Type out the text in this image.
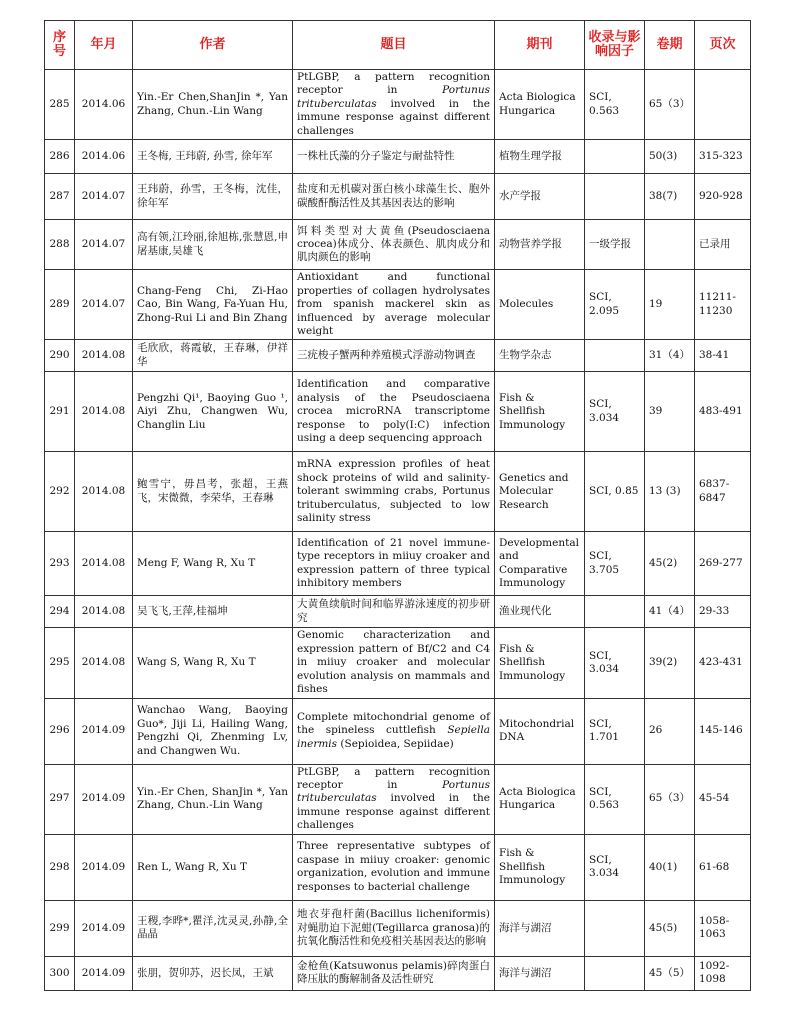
序号	年月	作者	题目	期刊	收录与影响因子	卷期	页次
285	2014.06	Yin.-Er Chen,ShanJin *, Yan Zhang, Chun.-Lin Wang	PtLGBP, a pattern recognition receptor in Portunus trituberculatas involved in the immune response against different challenges	Acta Biologica Hungarica	SCI, 0.563	65（3）	
286	2014.06	王冬梅, 王玮蔚, 孙雪, 徐年军	一株杜氏藻的分子鉴定与耐盐特性	植物生理学报		50(3)	315-323
287	2014.07	王玮蔚，孙雪，王冬梅，沈佳，徐年军	盐度和无机碳对蛋白核小球藻生长、胞外碳酸酐酶活性及其基因表达的影响	水产学报		38(7)	920-928
288	2014.07	高有领,江玲丽,徐旭栋,张慧恩,申屠基康,吴雄飞	饵料类型对大黄鱼(Pseudosciaena crocea)体成分、体表颜色、肌肉成分和肌肉颜色的影响	动物营养学报	一级学报		已录用
289	2014.07	Chang-Feng Chi, Zi-Hao Cao, Bin Wang, Fa-Yuan Hu, Zhong-Rui Li and Bin Zhang	Antioxidant and functional properties of collagen hydrolysates from spanish mackerel skin as influenced by average molecular weight	Molecules	SCI, 2.095	19	11211-11230
290	2014.08	毛欣欣，蒋霞敏，王春琳，伊祥华	三疣梭子蟹两种养殖模式浮游动物调查	生物学杂志		31（4）	38-41
291	2014.08	Pengzhi Qi¹, Baoying Guo ¹, Aiyi Zhu, Changwen Wu, Changlin Liu	Identification and comparative analysis of the Pseudosciaena crocea microRNA transcriptome response to poly(I:C) infection using a deep sequencing approach	Fish & Shellfish Immunology	SCI, 3.034	39	483-491
292	2014.08	鲍雪宁，毋昌考，张超，王燕飞，宋微微，李荣华，王春琳	mRNA expression profiles of heat shock proteins of wild and salinity-tolerant swimming crabs, Portunus trituberculatus, subjected to low salinity stress	Genetics and Molecular Research	SCI, 0.85	13 (3)	6837-6847
293	2014.08	Meng F, Wang R, Xu T	Identification of 21 novel immune-type receptors in miiuy croaker and expression pattern of three typical inhibitory members	Developmental and Comparative Immunology	SCI, 3.705	45(2)	269-277
294	2014.08	吴飞飞,王萍,桂福坤	大黄鱼续航时间和临界游泳速度的初步研究	渔业现代化		41（4）	29-33
295	2014.08	Wang S, Wang R, Xu T	Genomic characterization and expression pattern of Bf/C2 and C4 in miiuy croaker and molecular evolution analysis on mammals and fishes	Fish & Shellfish Immunology	SCI, 3.034	39(2)	423-431
296	2014.09	Wanchao Wang, Baoying Guo*, Jiji Li, Hailing Wang, Pengzhi Qi, Zhenming Lv, and Changwen Wu.	Complete mitochondrial genome of the spineless cuttlefish Sepiella inermis (Sepioidea, Sepiidae)	Mitochondrial DNA	SCI, 1.701	26	145-146
297	2014.09	Yin.-Er Chen, ShanJin *, Yan Zhang, Chun.-Lin Wang	PtLGBP, a pattern recognition receptor in Portunus trituberculatas involved in the immune response against different challenges	Acta Biologica Hungarica	SCI, 0.563	65（3）	45-54
298	2014.09	Ren L, Wang R, Xu T	Three representative subtypes of caspase in miiuy croaker: genomic organization, evolution and immune responses to bacterial challenge	Fish & Shellfish Immunology	SCI, 3.034	40(1)	61-68
299	2014.09	王稷,李晔*,瞿洋,沈灵灵,孙静,全晶晶	地衣芽孢杆菌(Bacillus licheniformis)对蝇肋迫下泥蚶(Tegillarca granosa)的抗氧化酶活性和免疫相关基因表达的影响	海洋与湖沼		45(5)	1058-1063
300	2014.09	张朋，贺卯苏，迟长凤，王斌	金枪鱼(Katsuwonus pelamis)碎肉蛋白降压肽的酶解制备及活性研究	海洋与湖沼		45（5）	1092-1098
